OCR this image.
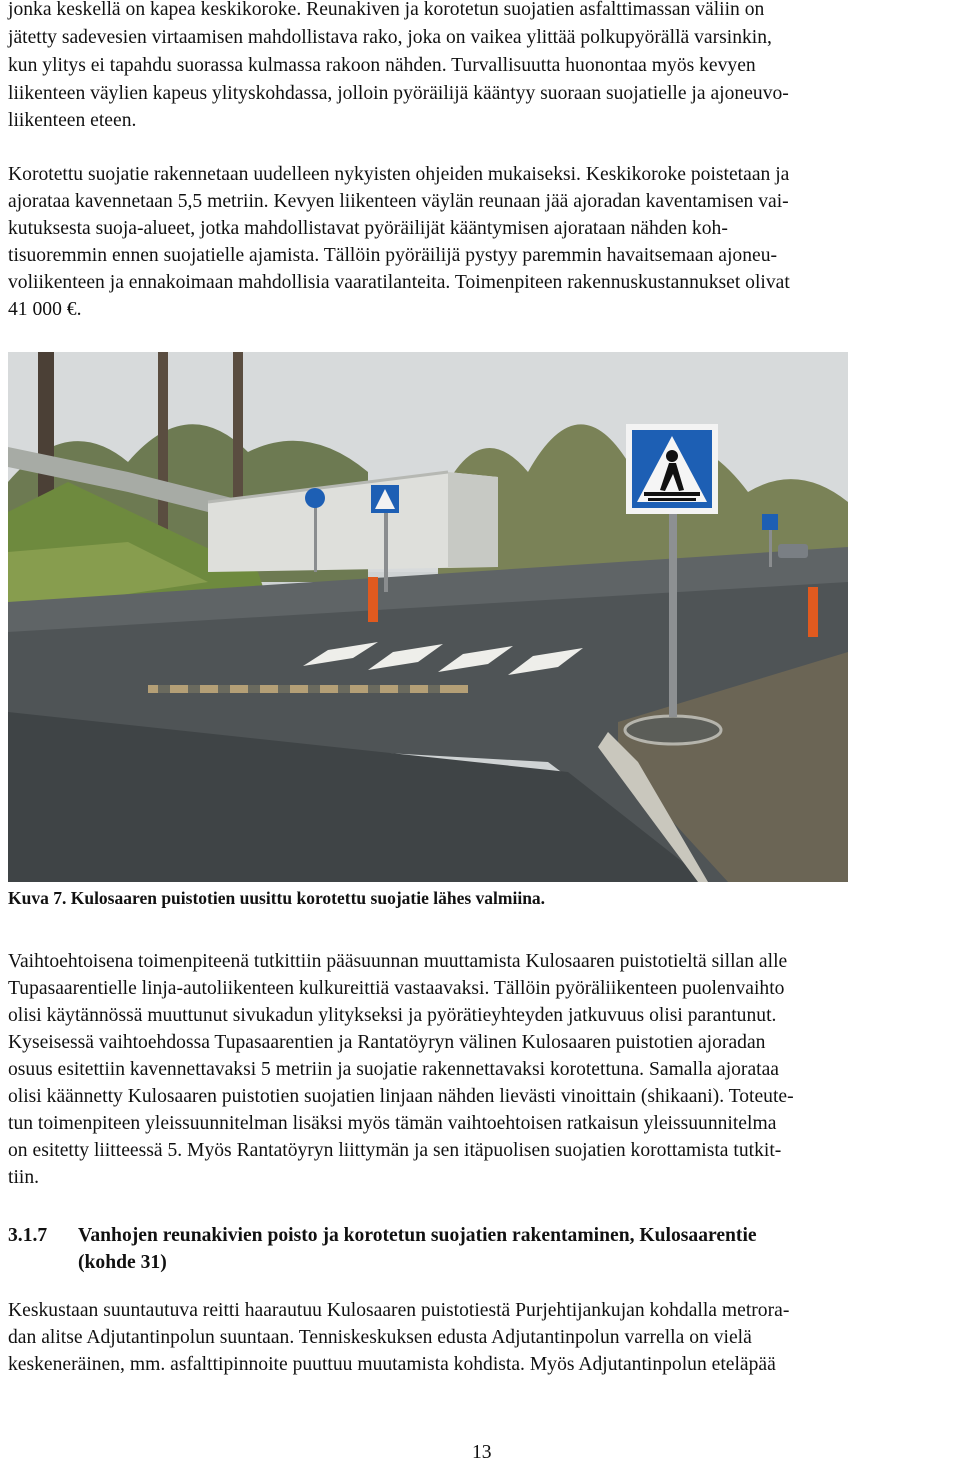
jonka keskellä on kapea keskikoroke. Reunakiven ja korotetun suojatien asfalttimassan väliin on
jätetty sadevesien virtaamisen mahdollistava rako, joka on vaikea ylittää polkupyörällä varsinkin,
kun ylitys ei tapahdu suorassa kulmassa rakoon nähden. Turvallisuutta huonontaa myös kevyen
liikenteen väylien kapeus ylityskohdassa, jolloin pyöräilijä kääntyy suoraan suojatielle ja ajoneuvo-
liikenteen eteen.
Korotettu suojatie rakennetaan uudelleen nykyisten ohjeiden mukaiseksi. Keskikoroke poistetaan ja
ajorataa kavennetaan 5,5 metriin. Kevyen liikenteen väylän reunaan jää ajoradan kaventamisen vai-
kutuksesta suoja-alueet, jotka mahdollistavat pyöräilijät kääntymisen ajorataan nähden koh-
tisuoremmin ennen suojatielle ajamista. Tällöin pyöräilijä pystyy paremmin havaitsemaan ajoneu-
voliikenteen ja ennakoimaan mahdollisia vaaratilanteita. Toimenpiteen rakennuskustannukset olivat
41 000 €.
Kuva 7. Kulosaaren puistotien uusittu korotettu suojatie lähes valmiina.
Vaihtoehtoisena toimenpiteenä tutkittiin pääsuunnan muuttamista Kulosaaren puistotieltä sillan alle
Tupasaarentielle linja-autoliikenteen kulkureittiä vastaavaksi. Tällöin pyöräliikenteen puolenvaihto
olisi käytännössä muuttunut sivukadun ylitykseksi ja pyörätieyhteyden jatkuvuus olisi parantunut.
Kyseisessä vaihtoehdossa Tupasaarentien ja Rantatöyryn välinen Kulosaaren puistotien ajoradan
osuus esitettiin kavennettavaksi 5 metriin ja suojatie rakennettavaksi korotettuna. Samalla ajorataa
olisi käännetty Kulosaaren puistotien suojatien linjaan nähden lievästi vinoittain (shikaani). Toteute-
tun toimenpiteen yleissuunnitelman lisäksi myös tämän vaihtoehtoisen ratkaisun yleissuunnitelma
on esitetty liitteessä 5. Myös Rantatöyryn liittymän ja sen itäpuolisen suojatien korottamista tutkit-
tiin.
3.1.7 Vanhojen reunakivien poisto ja korotetun suojatien rakentaminen, Kulosaarentie
(kohde 31)
Keskustaan suuntautuva reitti haarautuu Kulosaaren puistotiestä Purjehtijankujan kohdalla metrora-
dan alitse Adjutantinpolun suuntaan. Tenniskeskuksen edusta Adjutantinpolun varrella on vielä
keskeneräinen, mm. asfalttipinnoite puuttuu muutamista kohdista. Myös Adjutantinpolun eteläpää
13
